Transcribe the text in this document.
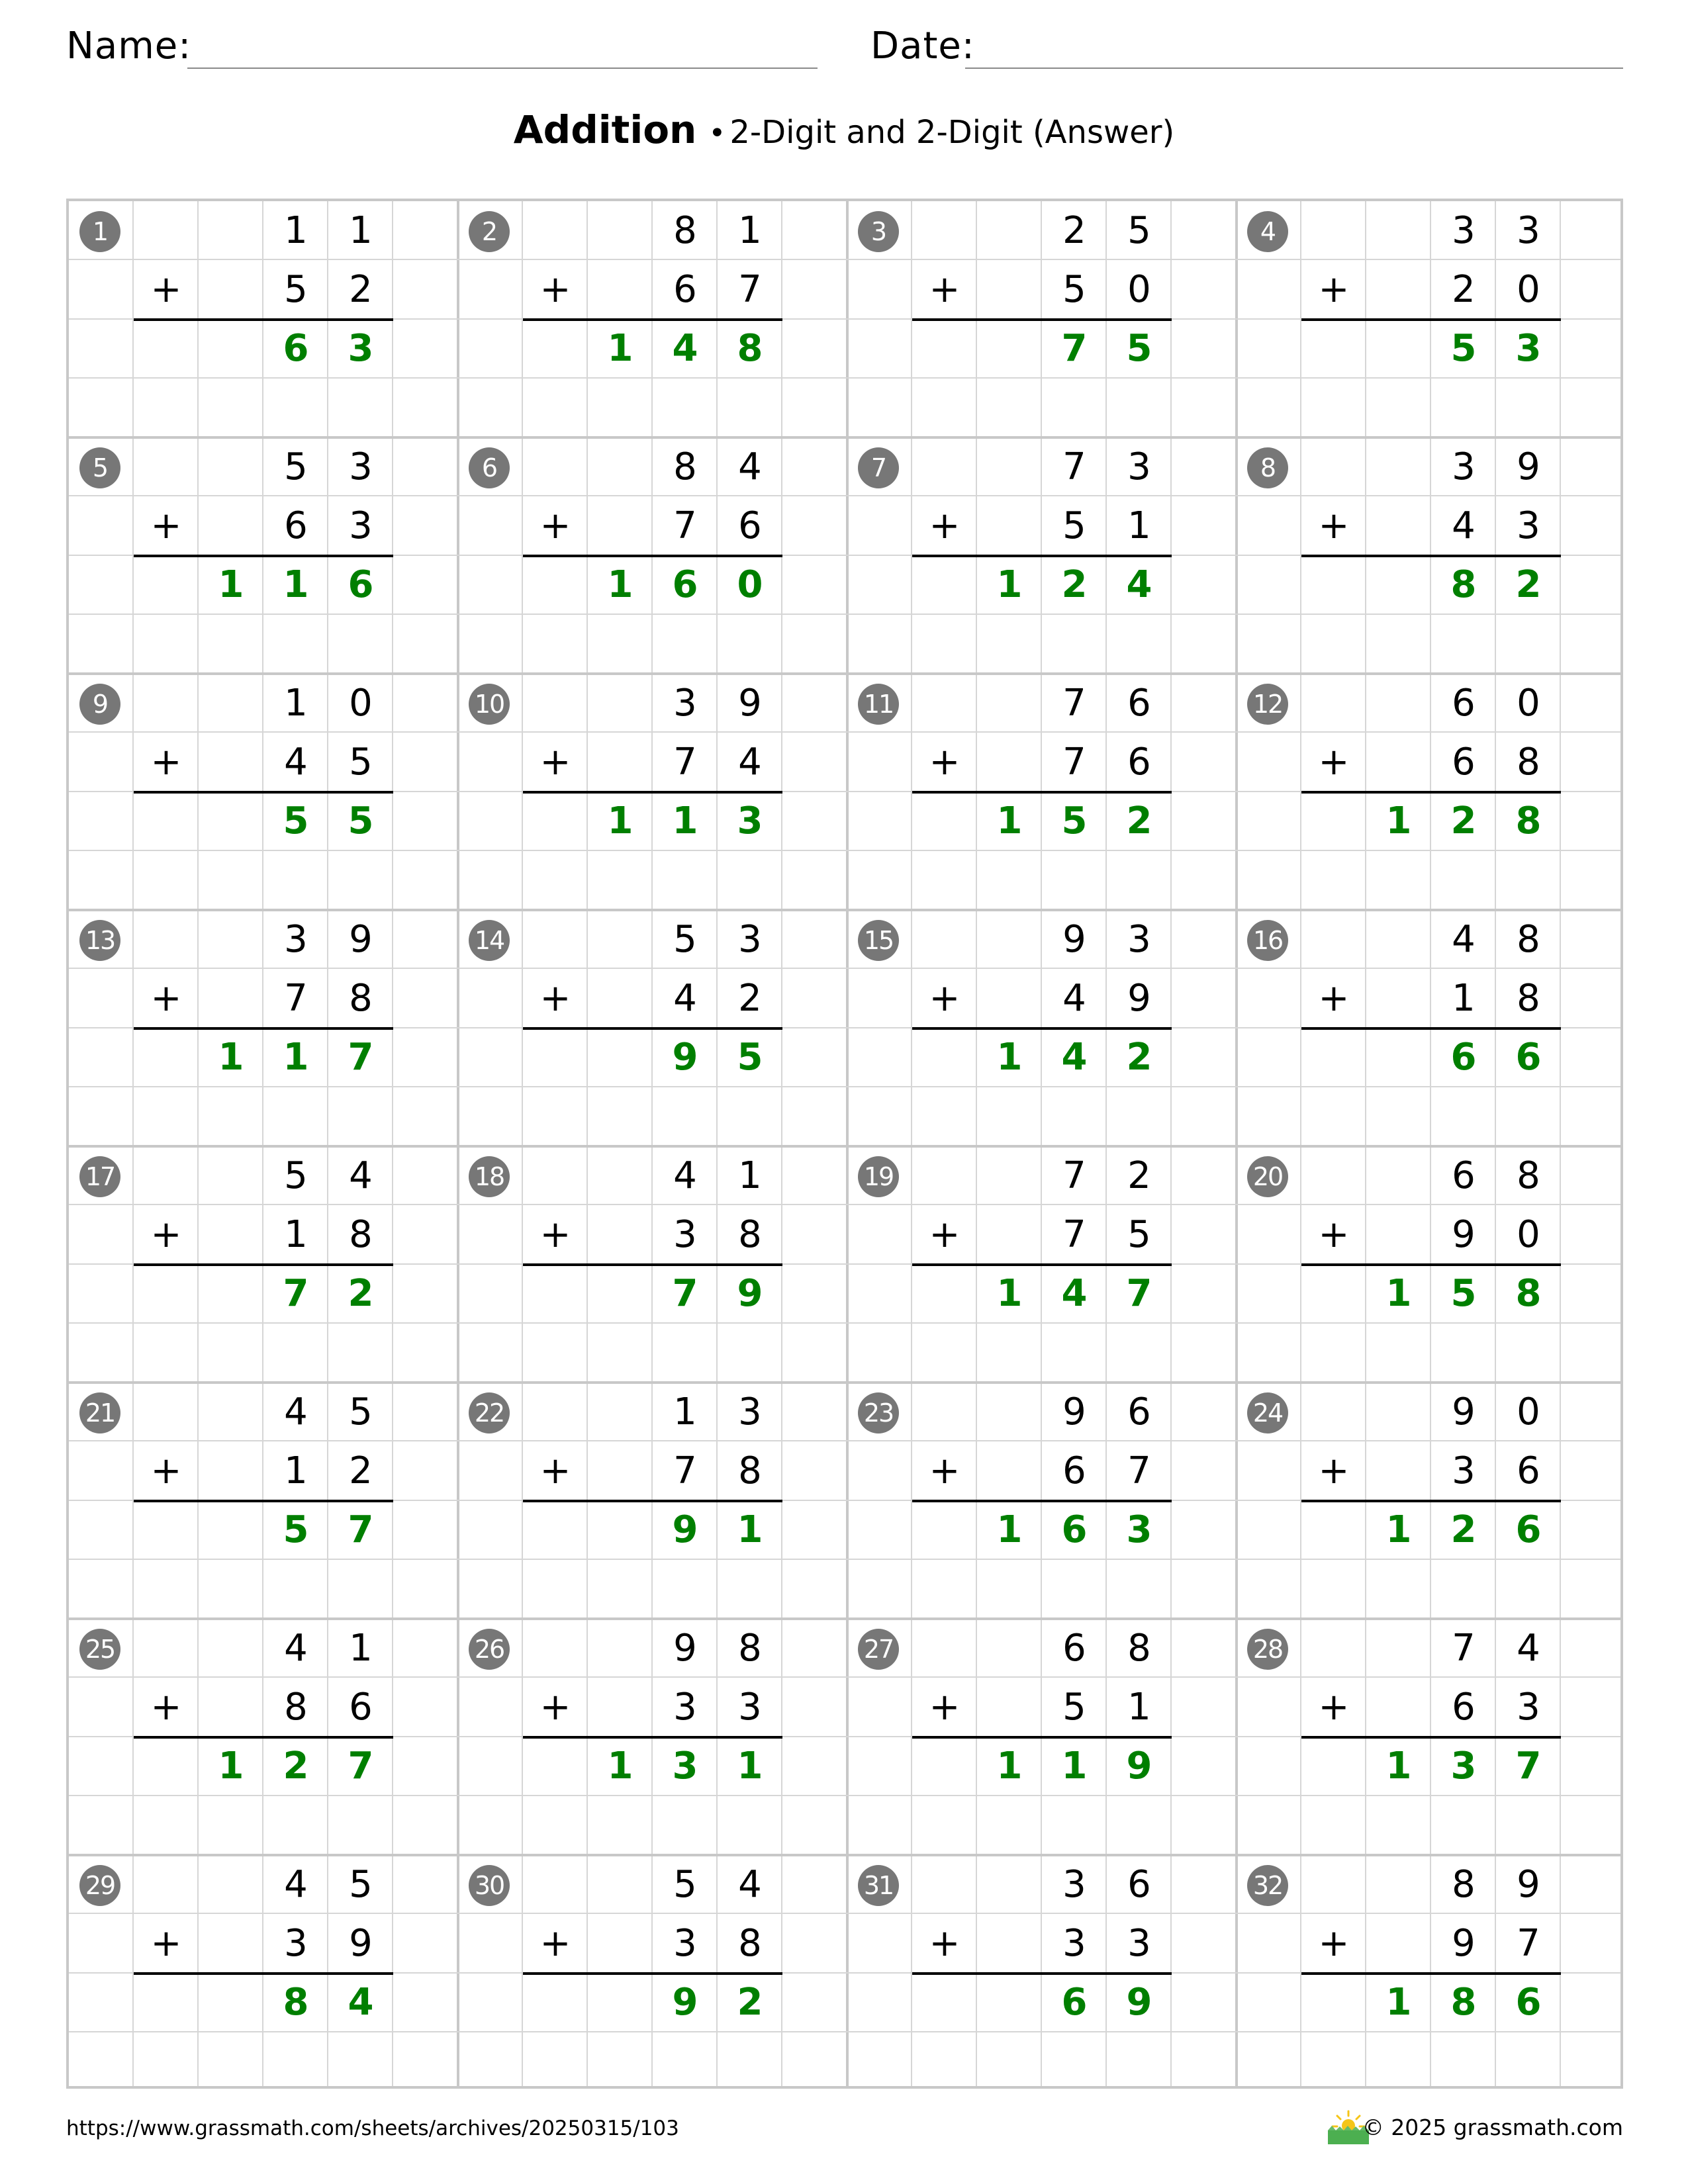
Name:	Date:
Addition • 2-Digit and 2-Digit (Answer)
1	1	1
5	2
6	3
+
2	8	1
6	7
1	4	8
+
3	2	5
5	0
7	5
+
4	3	3
2	0
5	3
+
5	5	3
6	3
1	1	6
+
6	8	4
7	6
1	6	0
+
7	7	3
5	1
1	2	4
+
8	3	9
4	3
8	2
+
9	1	0
4	5
5	5
+
10	3	9
7	4
1	1	3
+
11	7	6
7	6
1	5	2
+
12	6	0
6	8
1	2	8
+
13	3	9
7	8
1	1	7
+
14	5	3
4	2
9	5
+
15	9	3
4	9
1	4	2
+
16	4	8
1	8
6	6
+
17	5	4
1	8
7	2
+
18	4	1
3	8
7	9
+
19	7	2
7	5
1	4	7
+
20	6	8
9	0
1	5	8
+
21	4	5
1	2
5	7
+
22	1	3
7	8
9	1
+
23	9	6
6	7
1	6	3
+
24	9	0
3	6
1	2	6
+
25	4	1
8	6
1	2	7
+
26	9	8
3	3
1	3	1
+
27	6	8
5	1
1	1	9
+
28	7	4
6	3
1	3	7
+
29	4	5
3	9
8	4
+
30	5	4
3	8
9	2
+
31	3	6
3	3
6	9
+
32	8	9
9	7
1	8	6
+
https://www.grassmath.com/sheets/archives/20250315/103	© 2025 grassmath.com
